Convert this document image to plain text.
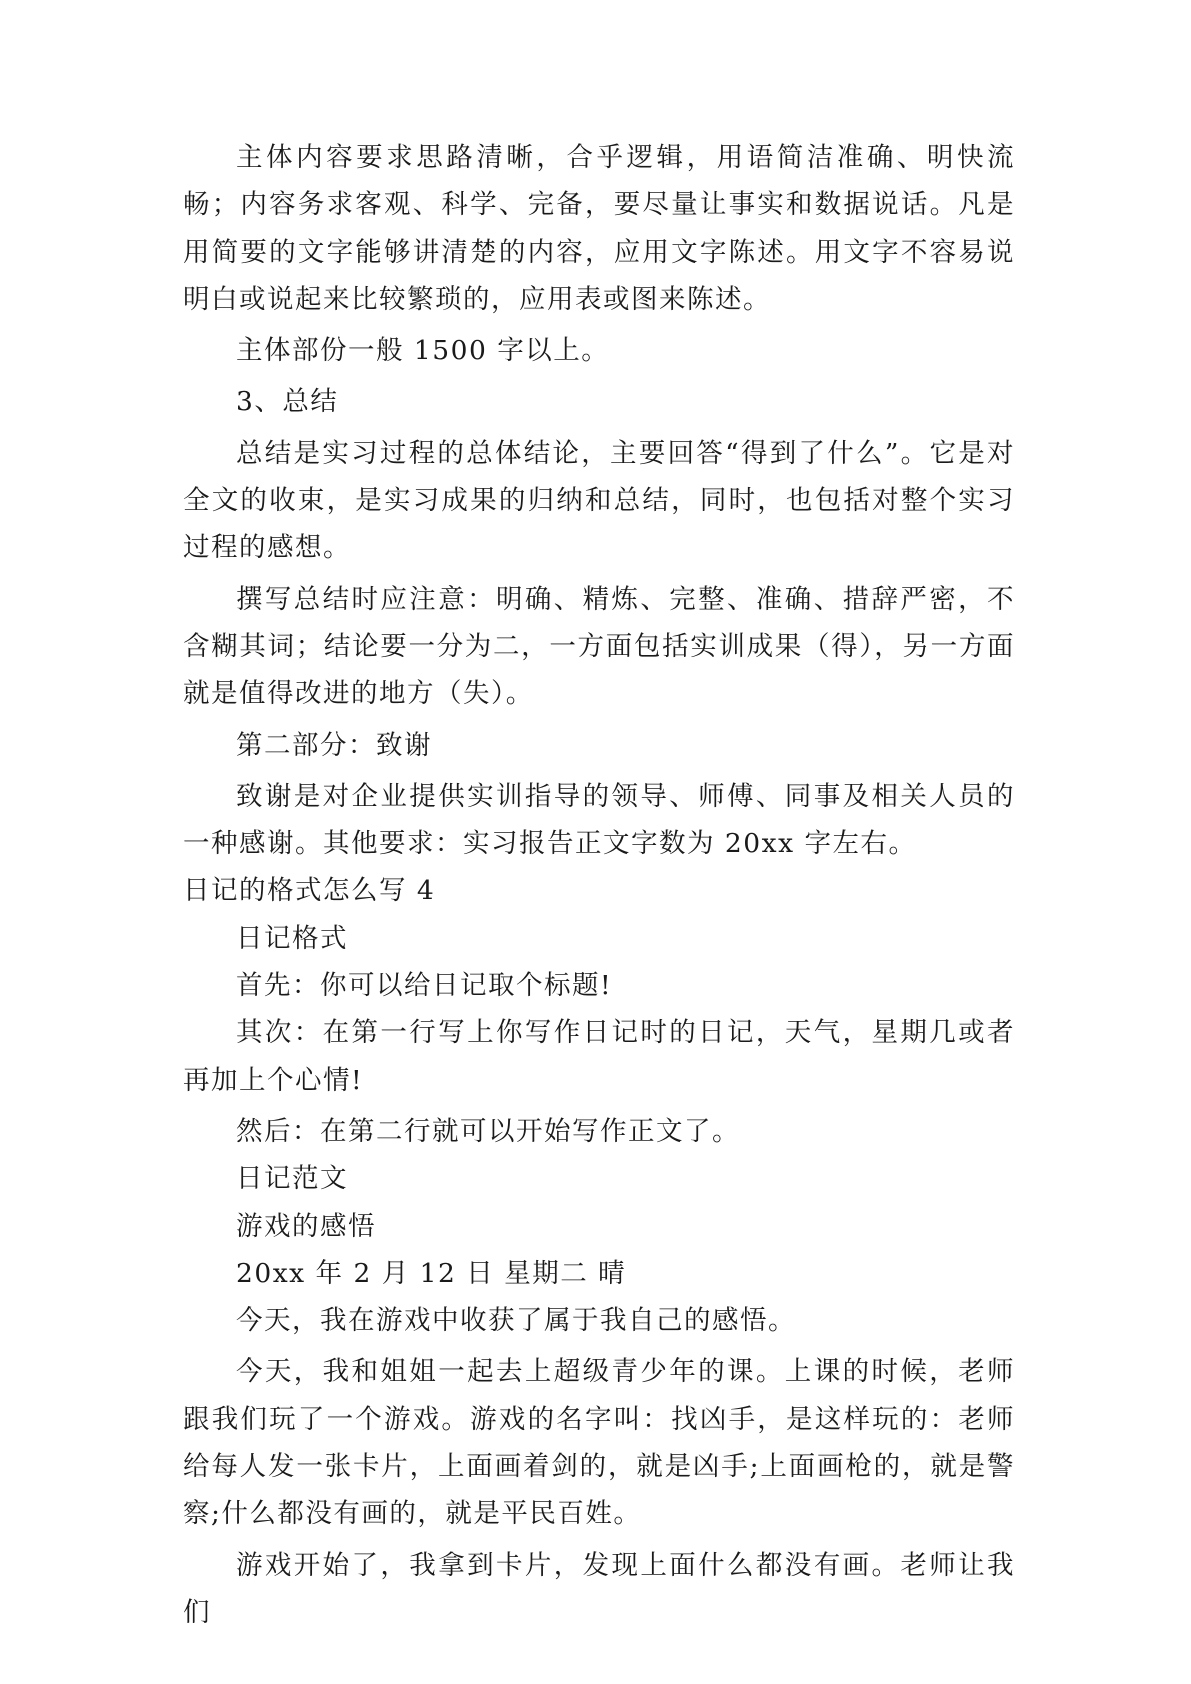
主体内容要求思路清晰，合乎逻辑，用语简洁准确、明快流畅；内容务求客观、科学、完备，要尽量让事实和数据说话。凡是用简要的文字能够讲清楚的内容，应用文字陈述。用文字不容易说明白或说起来比较繁琐的，应用表或图来陈述。

主体部份一般 1500 字以上。

3、总结

总结是实习过程的总体结论，主要回答“得到了什么”。它是对全文的收束，是实习成果的归纳和总结，同时，也包括对整个实习过程的感想。

撰写总结时应注意：明确、精炼、完整、准确、措辞严密，不含糊其词；结论要一分为二，一方面包括实训成果（得），另一方面就是值得改进的地方（失）。

第二部分：致谢

致谢是对企业提供实训指导的领导、师傅、同事及相关人员的一种感谢。其他要求：实习报告正文字数为 20xx 字左右。

日记的格式怎么写 4

日记格式

首先：你可以给日记取个标题!

其次：在第一行写上你写作日记时的日记，天气，星期几或者再加上个心情!

然后：在第二行就可以开始写作正文了。

日记范文

游戏的感悟

20xx 年 2 月 12 日 星期二 晴

今天，我在游戏中收获了属于我自己的感悟。

今天，我和姐姐一起去上超级青少年的课。上课的时候，老师跟我们玩了一个游戏。游戏的名字叫：找凶手，是这样玩的：老师给每人发一张卡片，上面画着剑的，就是凶手;上面画枪的，就是警察;什么都没有画的，就是平民百姓。

游戏开始了，我拿到卡片，发现上面什么都没有画。老师让我们
